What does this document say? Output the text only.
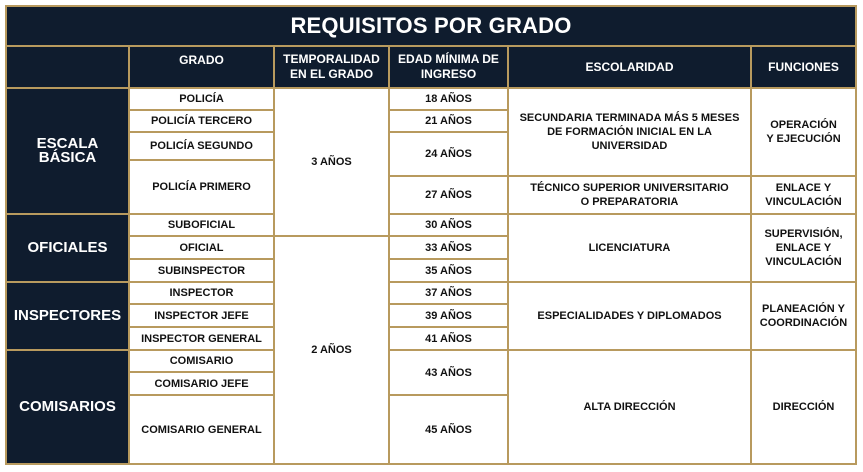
REQUISITOS POR GRADO
GRADO	TEMPORALIDAD EN EL GRADO
EDAD MÍNIMA DE INGRESO
ESCOLARIDAD	FUNCIONES
ESCALA BÁSICA
OFICIALES
INSPECTORES
COMISARIOS
POLICÍA
POLICÍA TERCERO
POLICÍA SEGUNDO
POLICÍA PRIMERO
SUBOFICIAL
OFICIAL
SUBINSPECTOR
INSPECTOR
INSPECTOR JEFE
INSPECTOR GENERAL
COMISARIO
COMISARIO JEFE
COMISARIO GENERAL
3 AÑOS
2 AÑOS
18 AÑOS
21 AÑOS
24 AÑOS
27 AÑOS
30 AÑOS
33 AÑOS
35 AÑOS
37 AÑOS
39 AÑOS
41 AÑOS
43 AÑOS
45 AÑOS
SECUNDARIA TERMINADA MÁS 5 MESES DE FORMACIÓN INICIAL EN LA UNIVERSIDAD
TÉCNICO SUPERIOR UNIVERSITARIO O PREPARATORIA
LICENCIATURA
ESPECIALIDADES Y DIPLOMADOS
ALTA DIRECCIÓN
OPERACIÓN Y EJECUCIÓN
ENLACE Y VINCULACIÓN
SUPERVISIÓN, ENLACE Y VINCULACIÓN
PLANEACIÓN Y COORDINACIÓN
DIRECCIÓN
